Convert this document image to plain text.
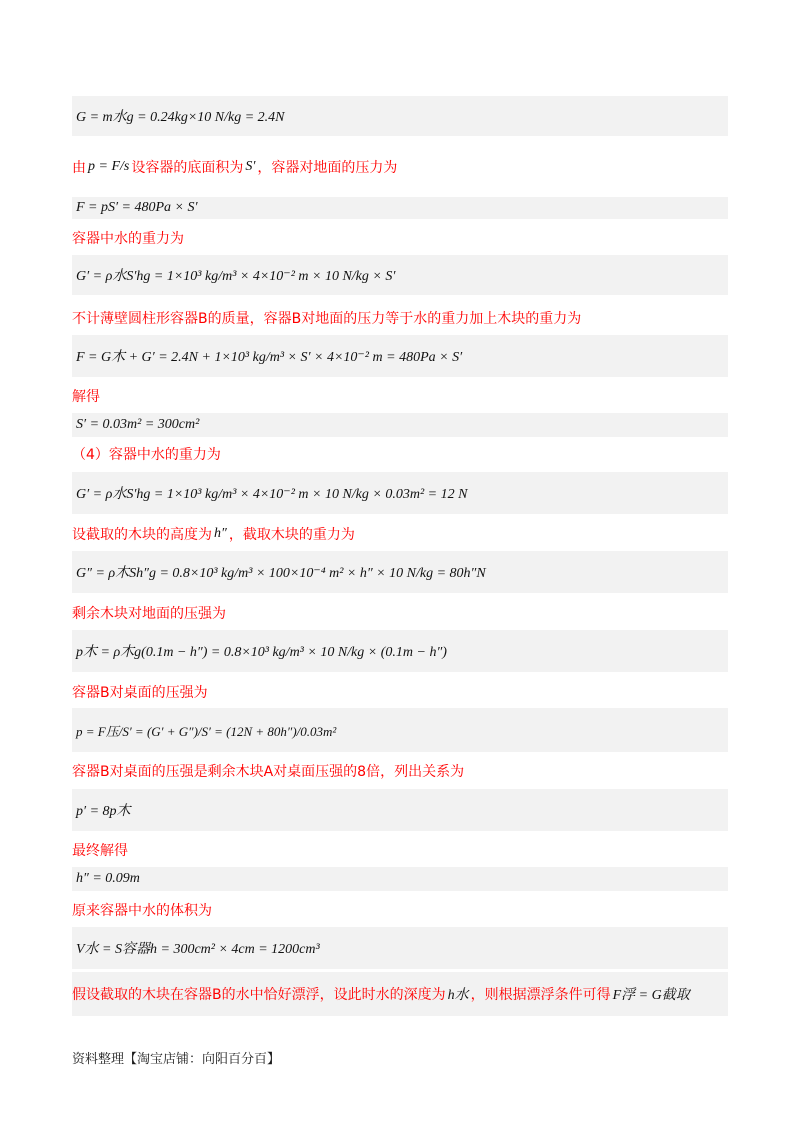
G = m水g = 0.24kg×10 N/kg = 2.4N
由 p = F/s 设容器的底面积为 S′ ，容器对地面的压力为
F = pS′ = 480Pa × S′
容器中水的重力为
G′ = ρ水S′hg = 1×10³ kg/m³ × 4×10⁻² m × 10 N/kg × S′
不计薄壁圆柱形容器B的质量，容器B对地面的压力等于水的重力加上木块的重力为
F = G木 + G′ = 2.4N + 1×10³ kg/m³ × S′ × 4×10⁻² m = 480Pa × S′
解得
S′ = 0.03m² = 300cm²
（4）容器中水的重力为
G′ = ρ水S′hg = 1×10³ kg/m³ × 4×10⁻² m × 10 N/kg × 0.03m² = 12 N
设截取的木块的高度为 h″ ，截取木块的重力为
G″ = ρ木Sh″g = 0.8×10³ kg/m³ × 100×10⁻⁴ m² × h″ × 10 N/kg = 80h″N
剩余木块对地面的压强为
p木 = ρ木g(0.1m − h″) = 0.8×10³ kg/m³ × 10 N/kg × (0.1m − h″)
容器B对桌面的压强为
p = F压/S′ = (G′ + G″)/S′ = (12N + 80h″)/0.03m²
容器B对桌面的压强是剩余木块A对桌面压强的8倍，列出关系为
p′ = 8p木
最终解得
h″ = 0.09m
原来容器中水的体积为
V水 = S容器h = 300cm² × 4cm = 1200cm³
假设截取的木块在容器B的水中恰好漂浮，设此时水的深度为 h水 ，则根据漂浮条件可得 F浮 = G截取
资料整理【淘宝店铺：向阳百分百】
